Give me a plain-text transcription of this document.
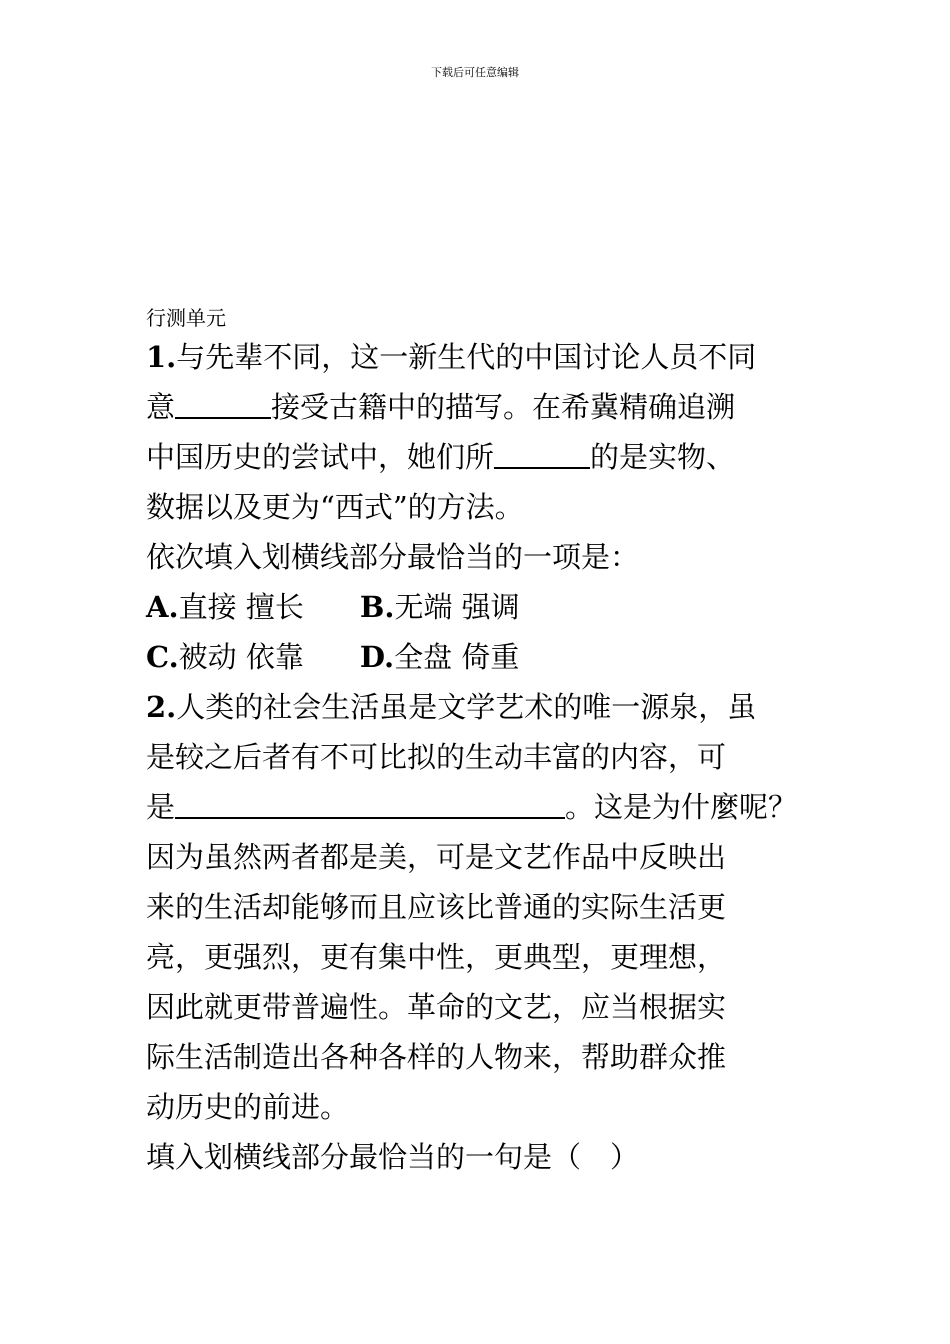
下载后可任意编辑
行测单元
1.与先辈不同，这一新生代的中国讨论人员不同
意	接受古籍中的描写。在希冀精确追溯
中国历史的尝试中，她们所	的是实物、
数据以及更为“西式”的方法。
依次填入划横线部分最恰当的一项是：
A.直接 擅长 B.无端 强调
C.被动 依靠 D.全盘 倚重
2.人类的社会生活虽是文学艺术的唯一源泉，虽
是较之后者有不可比拟的生动丰富的内容，可
是	。这是为什麼呢？
因为虽然两者都是美，可是文艺作品中反映出
来的生活却能够而且应该比普通的实际生活更
亮，更强烈，更有集中性，更典型，更理想，
因此就更带普遍性。革命的文艺，应当根据实
际生活制造出各种各样的人物来，帮助群众推
动历史的前进。
填入划横线部分最恰当的一句是（　）
